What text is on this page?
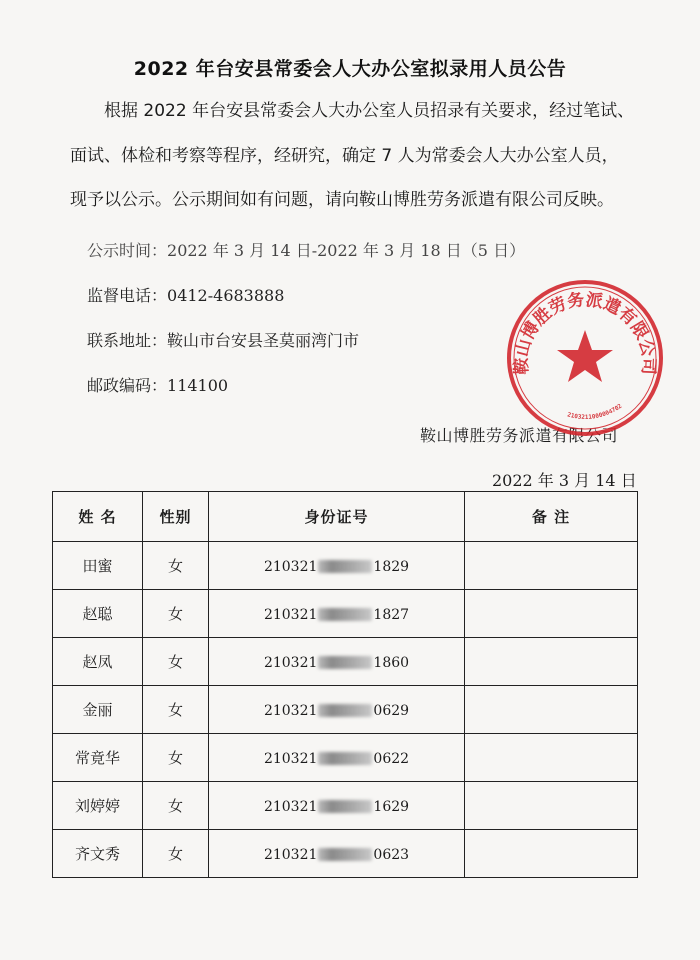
2022 年台安县常委会人大办公室拟录用人员公告
根据 2022 年台安县常委会人大办公室人员招录有关要求，经过笔试、
面试、体检和考察等程序，经研究，确定 7 人为常委会人大办公室人员，
现予以公示。公示期间如有问题，请向鞍山博胜劳务派遣有限公司反映。
公示时间：2022 年 3 月 14 日-2022 年 3 月 18 日（5 日）
监督电话：0412-4683888
联系地址：鞍山市台安县圣莫丽湾门市
邮政编码：114100
鞍山博胜劳务派遣有限公司
2022 年 3 月 14 日
鞍山博胜劳务派遣有限公司
2103211000004702
姓 名	性别	身份证号	备 注
田蜜	女	210321 1829	

赵聪	女	210321 1827	

赵凤	女	210321 1860	

金丽	女	210321 0629	

常竟华	女	210321 0622	

刘婷婷	女	210321 1629	

齐文秀	女	210321 0623	
